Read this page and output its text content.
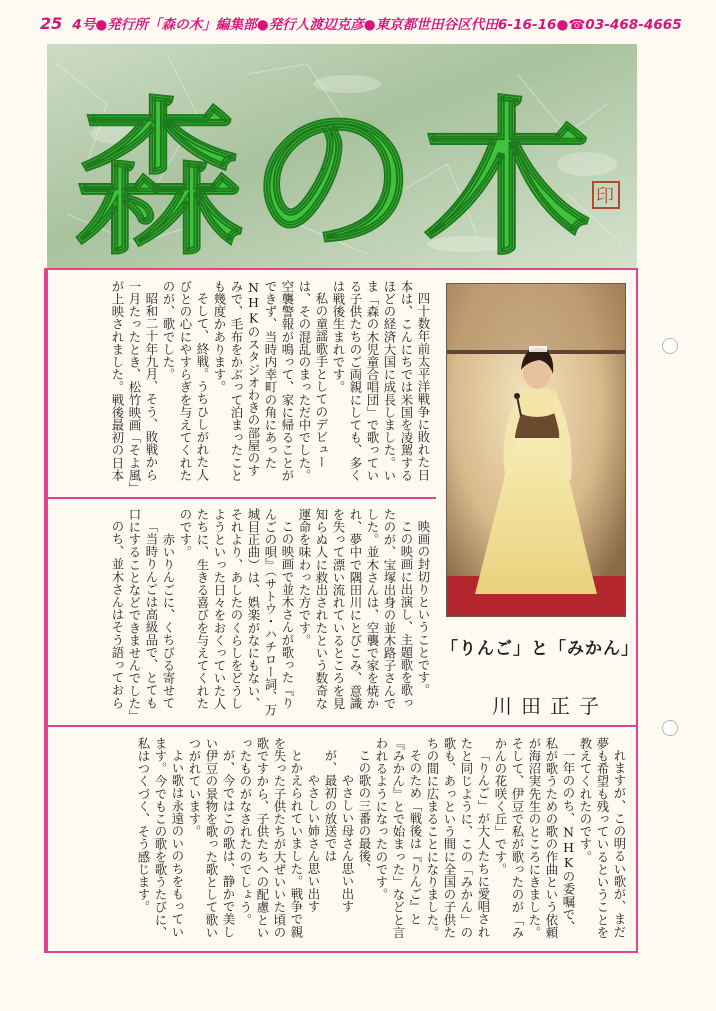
25 4号●発行所「森の木」編集部●発行人渡辺克彦●東京都世田谷区代田6-16-16●☎03-468-4665
森の木 印

四十数年前太平洋戦争に敗れた日本は、こんにちでは米国を凌駕するほどの経済大国に成長しました。いま「森の木児童合唱団」で歌っている子供たちのご両親にしても、多くは戦後生まれです。

私の童謡歌手としてのデビューは、その混乱のまっただ中でした。空襲警報が鳴って、家に帰ることができず、当時内幸町の角にあったNHKのスタジオわきの部屋のすみで、毛布をかぶって泊まったことも幾度かあります。

そして、終戦。うちひしがれた人びとの心にやすらぎを与えてくれたのが、歌でした。

昭和二十年九月、そう、敗戦から一月たったとき、松竹映画「そよ風」が上映されました。戦後最初の日本

映画の封切りということです。

この映画に出演し、主題歌を歌ったのが、宝塚出身の並木路子さんでした。並木さんは、空襲で家を焼かれ、夢中で隅田川にとびこみ、意識を失って漂い流れているところを見知らぬ人に救出されたという数奇な運命を味わった方です。

この映画で並木さんが歌った『りんごの唄』（サトウ・ハチロー詞、万城目正曲）は、娯楽がなにもない、それより、あしたのくらしをどうしようといった日々をおくっていた人たちに、生きる喜びを与えてくれたのです。

赤いりんごに、くちびる寄せて

「当時りんごは高級品で、とても口にすることなどできませんでした」

のち、並木さんはそう語っておら	「りんご」と「みかん」
川田正子

れますが、この明るい歌が、まだ夢も希望も残っているということを教えてくれたのです。

一年ののち、NHKの委嘱で、私が歌うための歌の作曲という依頼が海沼実先生のところにきました。そして、伊豆で私が歌ったのが「みかんの花咲く丘」です。

「りんご」が大人たちに愛唱されたと同じように、この「みかん」の歌も、あっという間に全国の子供たちの間に広まることになりました。

そのため「戦後は『りんご』と『みかん』とで始まった」などと言われるようになったのです。

この歌の三番の最後、

やさしい母さん思い出す

が、最初の放送では

やさしい姉さん思い出す

とかえられていました。戦争で親を失った子供たちが大ぜいいた頃の歌ですから、子供たちへの配慮といったものがなされたのでしょう。

が、今ではこの歌は、静かで美しい伊豆の景物を歌った歌として歌いつがれています。

よい歌は永遠のいのちをもっています。今でもこの歌を歌うたびに、私はつくづく、そう感じます。
